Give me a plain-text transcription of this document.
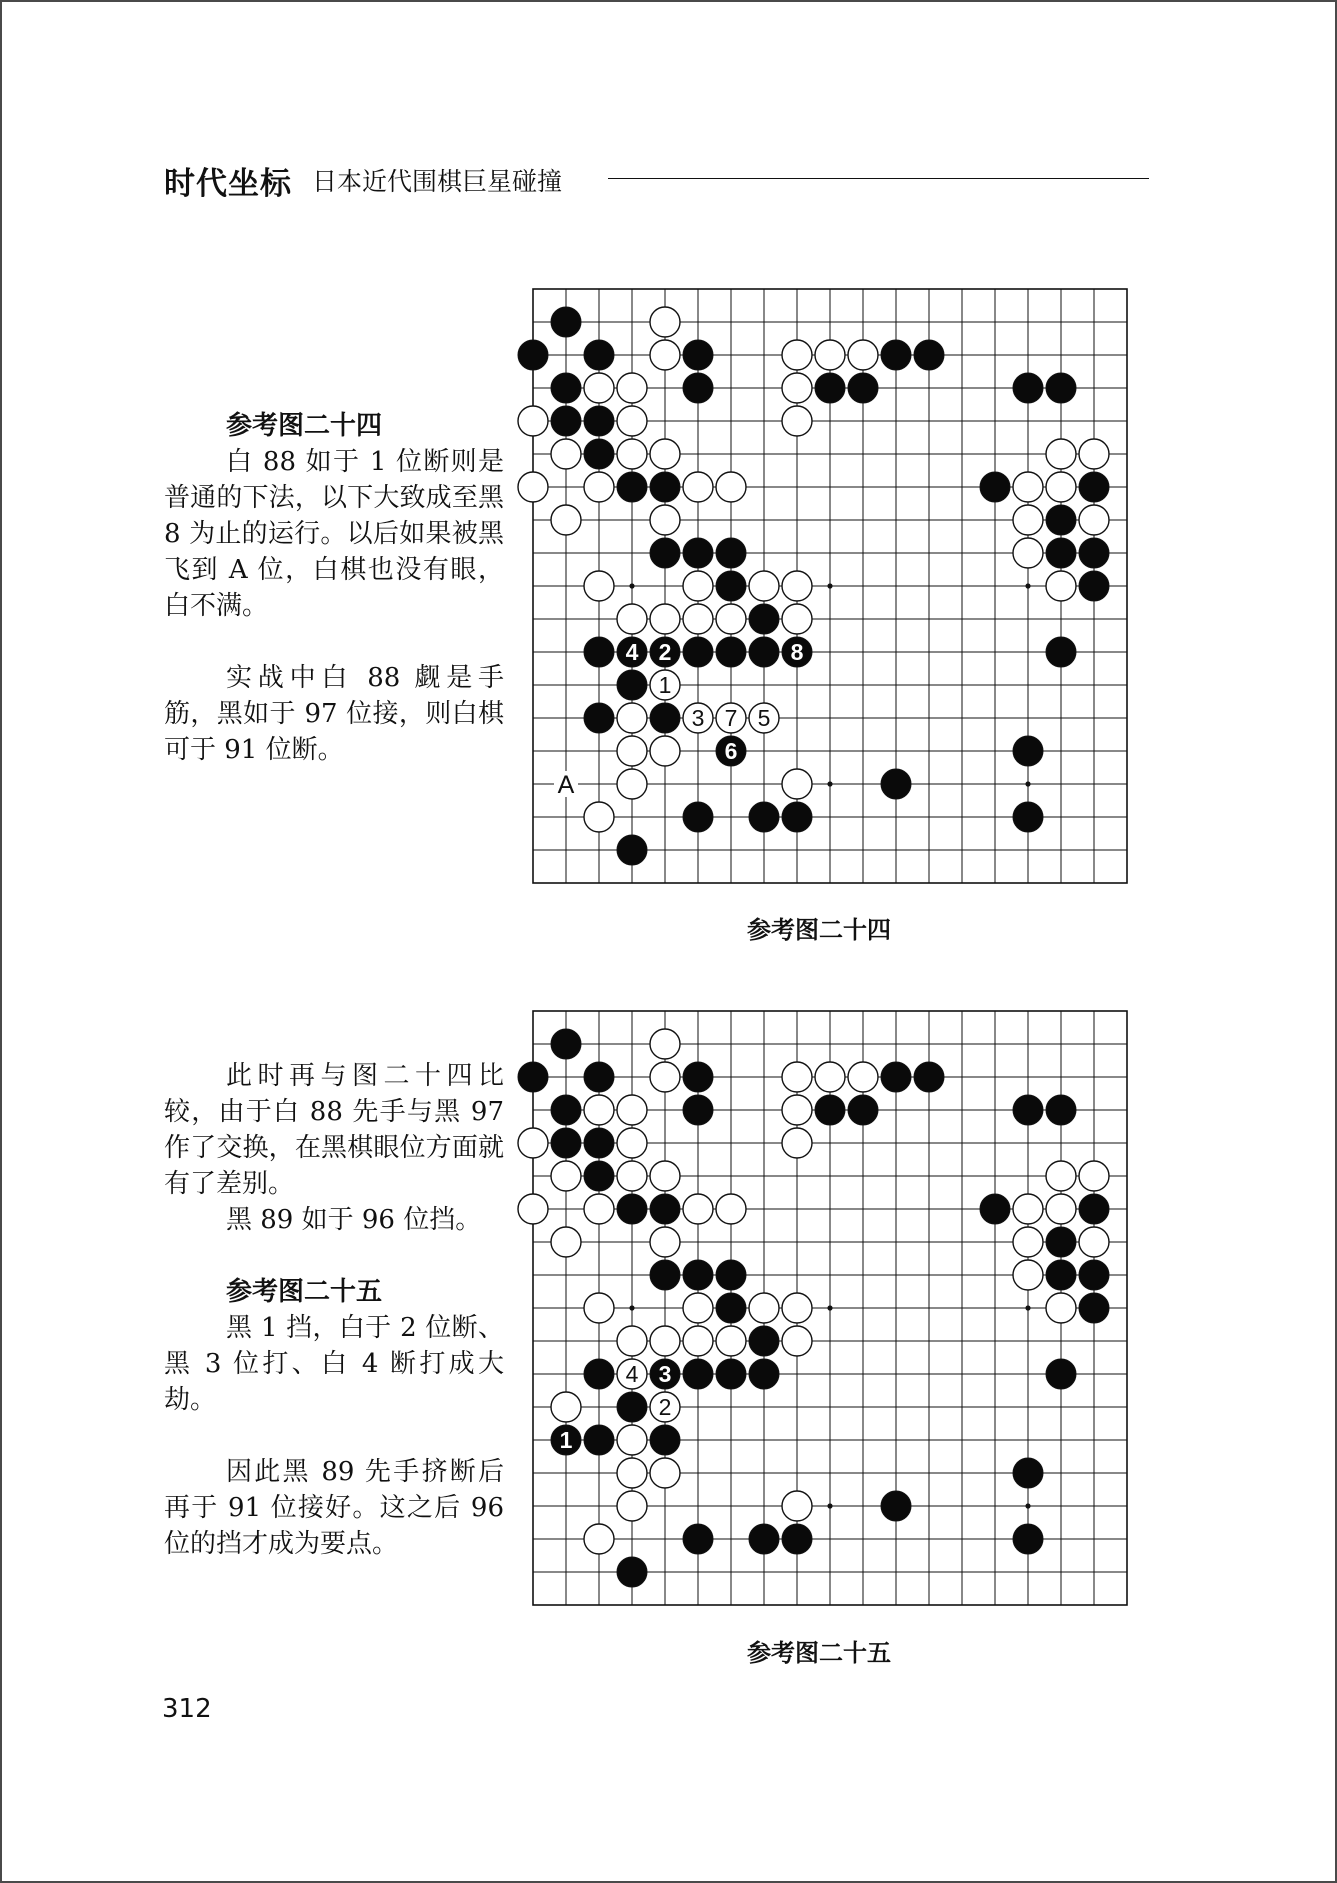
时代坐标 日本近代围棋巨星碰撞

参考图二十四

白 88 如于 1 位断则是普通的下法，以下大致成至黑 8 为止的运行。以后如果被黑飞到 A 位，白棋也没有眼，白不满。

实战中白 88 觑是手筋，黑如于 97 位接，则白棋可于 91 位断。

4 2	8
1
3 7 5
6
A
参考图二十四

此时再与图二十四比较，由于白 88 先手与黑 97 作了交换，在黑棋眼位方面就有了差别。

黑 89 如于 96 位挡。

参考图二十五

黑 1 挡，白于 2 位断、黑 3 位打、白 4 断打成大劫。

因此黑 89 先手挤断后再于 91 位接好。这之后 96位的挡才成为要点。

4 3
2
1
参考图二十五
312
